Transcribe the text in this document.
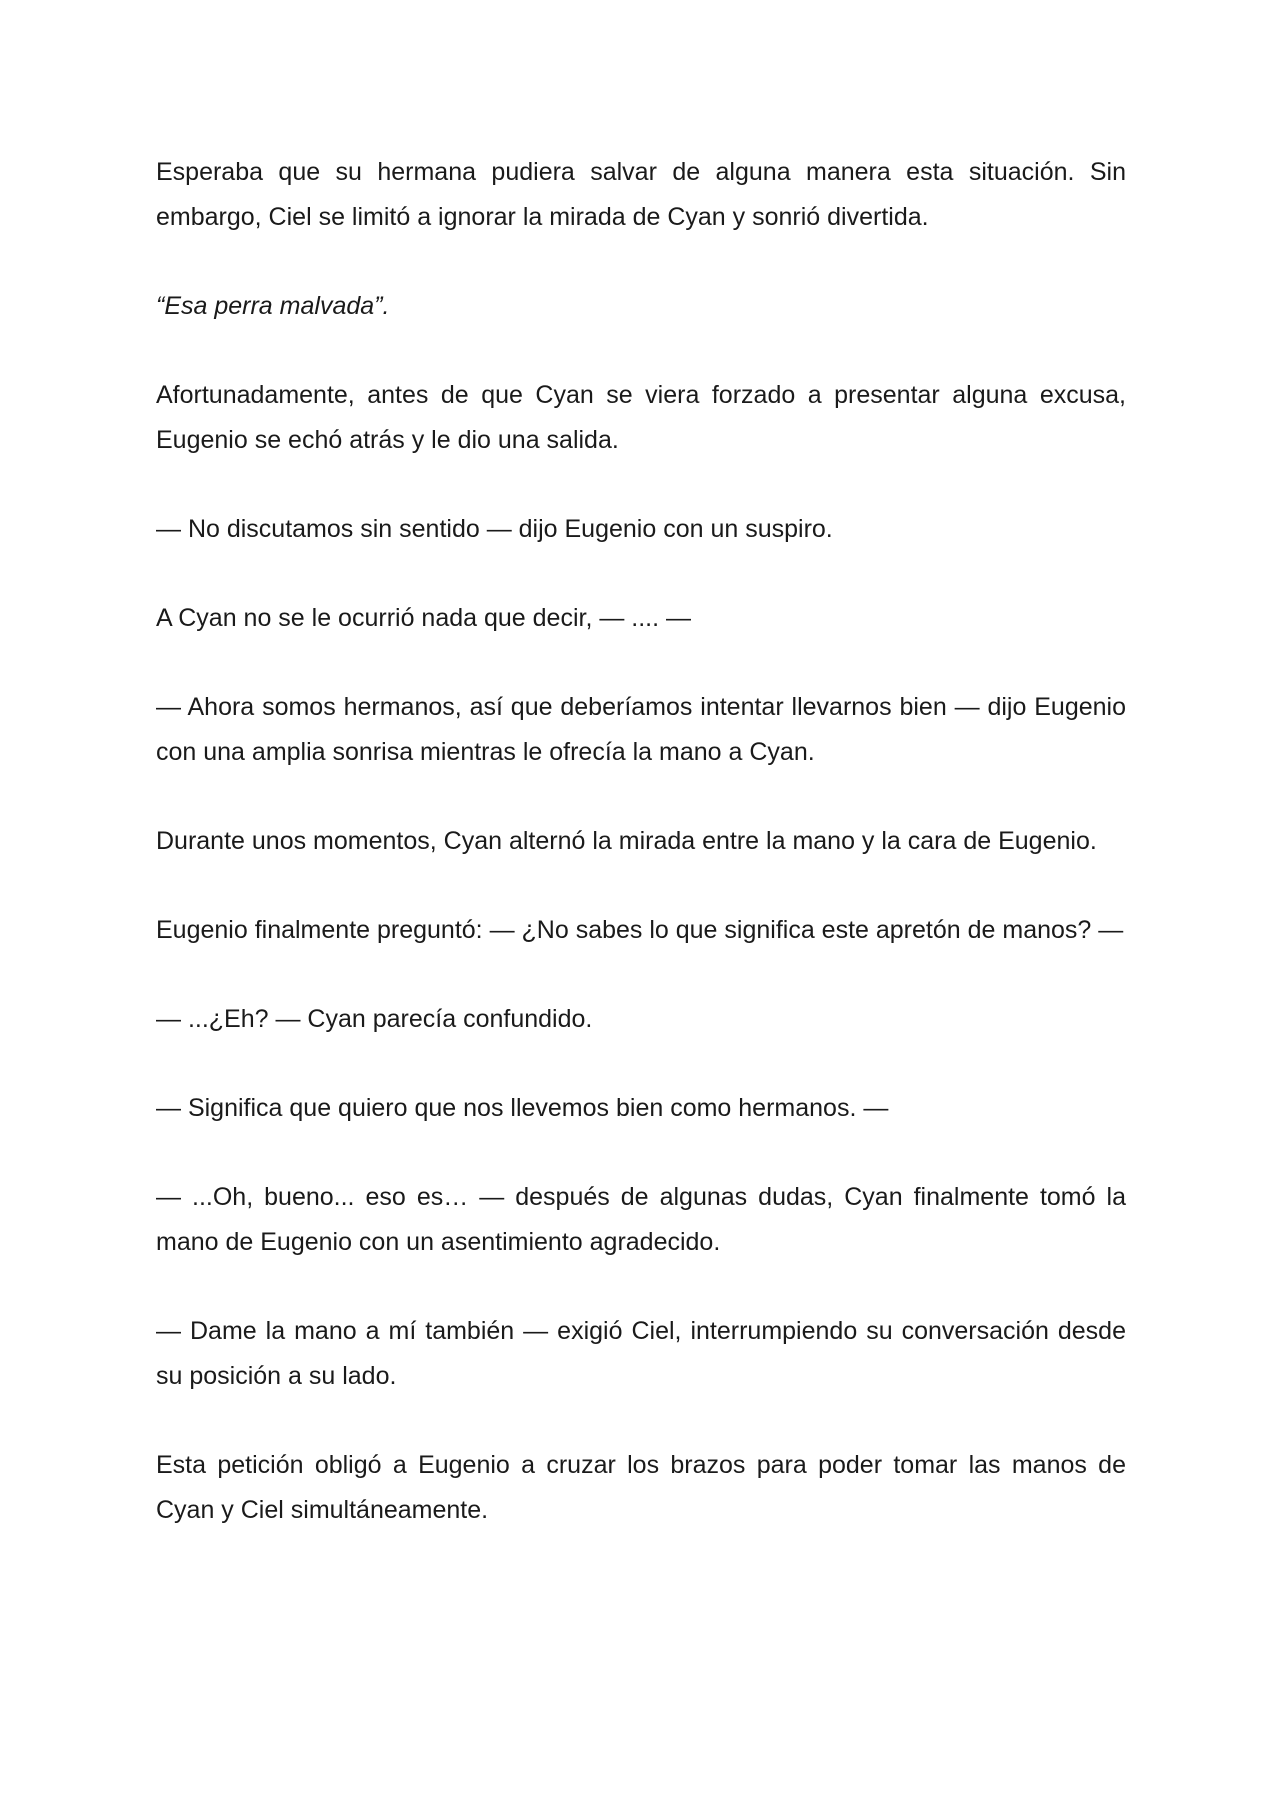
Esperaba que su hermana pudiera salvar de alguna manera esta situación. Sin embargo, Ciel se limitó a ignorar la mirada de Cyan y sonrió divertida.

“Esa perra malvada”.

Afortunadamente, antes de que Cyan se viera forzado a presentar alguna excusa, Eugenio se echó atrás y le dio una salida.

— No discutamos sin sentido — dijo Eugenio con un suspiro.

A Cyan no se le ocurrió nada que decir, — .... —

— Ahora somos hermanos, así que deberíamos intentar llevarnos bien — dijo Eugenio con una amplia sonrisa mientras le ofrecía la mano a Cyan.

Durante unos momentos, Cyan alternó la mirada entre la mano y la cara de Eugenio.

Eugenio finalmente preguntó: — ¿No sabes lo que significa este apretón de manos? —

— ...¿Eh? — Cyan parecía confundido.

— Significa que quiero que nos llevemos bien como hermanos. —

— ...Oh, bueno... eso es… — después de algunas dudas, Cyan finalmente tomó la mano de Eugenio con un asentimiento agradecido.

— Dame la mano a mí también — exigió Ciel, interrumpiendo su conversación desde su posición a su lado.

Esta petición obligó a Eugenio a cruzar los brazos para poder tomar las manos de Cyan y Ciel simultáneamente.
